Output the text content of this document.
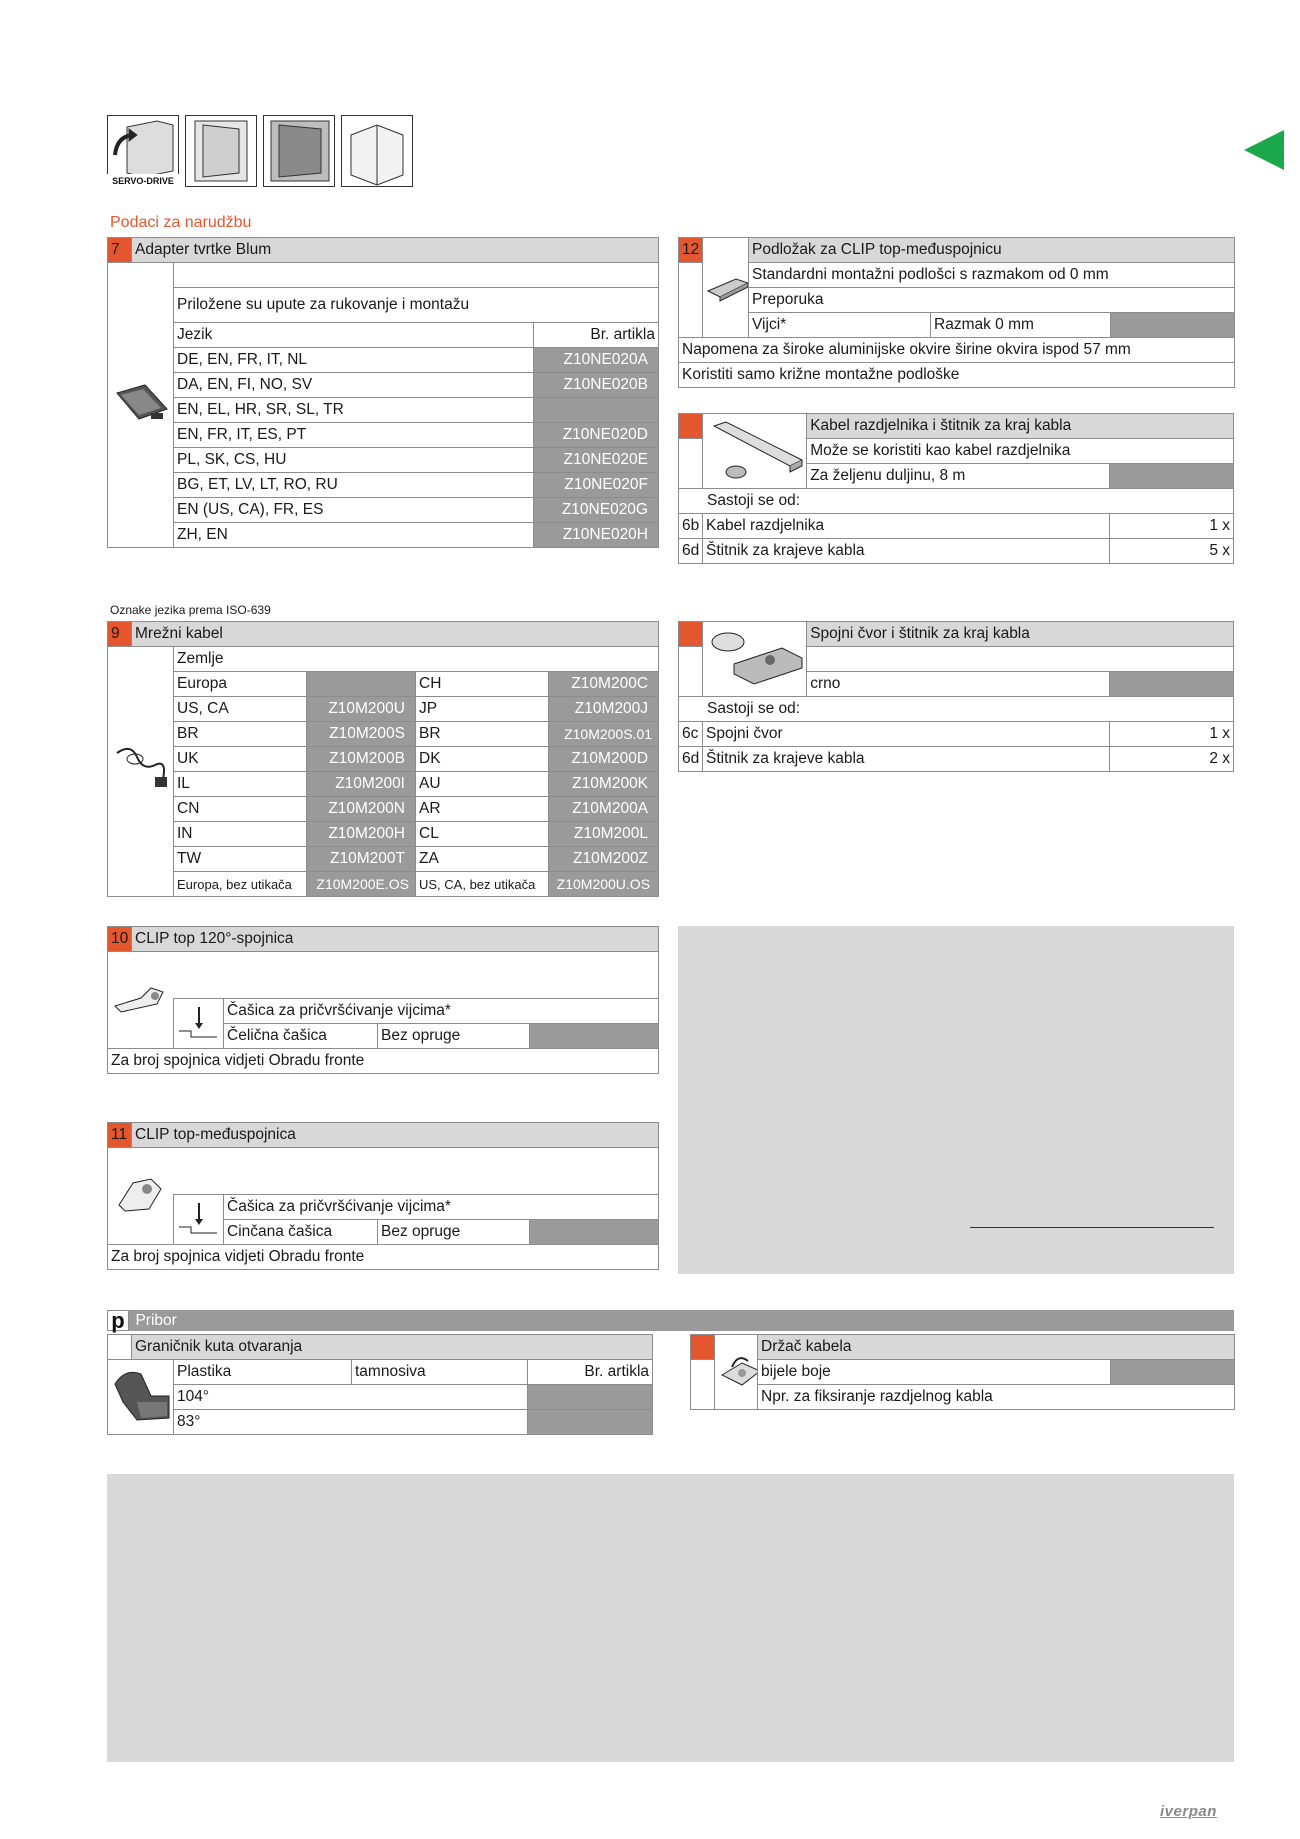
SERVO-DRIVE
Podaci za narudžbu
7	Adapter tvrtke Blum		

		Priložene su upute za rukovanje i montažu	
		Jezik	Br. artikla
		DE, EN, FR, IT, NL	Z10NE020A
		DA, EN, FI, NO, SV	Z10NE020B
		EN, EL, HR, SR, SL, TR	
		EN, FR, IT, ES, PT	Z10NE020D
		PL, SK, CS, HU	Z10NE020E
		BG, ET, LV, LT, RO, RU	Z10NE020F
		EN (US, CA), FR, ES	Z10NE020G
		ZH, EN	Z10NE020H
Oznake jezika prema ISO-639
12		Podložak za CLIP top-međuspojnicu		
		Standardni montažni podlošci s razmakom od 0 mm		
		Preporuka		
		Vijci*	Razmak 0 mm	
Napomena za široke aluminijske okvire širine okvira ispod 57 mm				
Koristiti samo križne montažne podloške				
		Kabel razdjelnika i štitnik za kraj kabla	
		Može se koristiti kao kabel razdjelnika	
		Za željenu duljinu, 8 m	
Sastoji se od:			
6b	Kabel razdjelnika		1 x
6d	Štitnik za krajeve kabla		5 x
9	Mrežni kabel				
	Zemlje			
		Europa		CH	Z10M200C
		US, CA	Z10M200U	JP	Z10M200J
		BR	Z10M200S	BR	Z10M200S.01
		UK	Z10M200B	DK	Z10M200D
		IL	Z10M200I	AU	Z10M200K
		CN	Z10M200N	AR	Z10M200A
		IN	Z10M200H	CL	Z10M200L
		TW	Z10M200T	ZA	Z10M200Z
		Europa, bez utikača	Z10M200E.OS	US, CA, bez utikača	Z10M200U.OS
		Spojni čvor i štitnik za kraj kabla	

		crno	
Sastoji se od:			
6c	Spojni čvor		1 x
6d	Štitnik za krajeve kabla		2 x
10	CLIP top 120°-spojnica				

	Čašica za pričvršćivanje vijcima*		
			Čelična čašica	Bez opruge	
Za broj spojnica vidjeti Obradu fronte					
11	CLIP top-međuspojnica				

	Čašica za pričvršćivanje vijcima*		
			Cinčana čašica	Bez opruge	
Za broj spojnica vidjeti Obradu fronte					
p Pribor
	Graničnik kuta otvaranja			
	Plastika	tamnosiva	Br. artikla
		104°		
		83°		
		Držač kabela	
		bijele boje	
		Npr. za fiksiranje razdjelnog kabla	
iverpan
